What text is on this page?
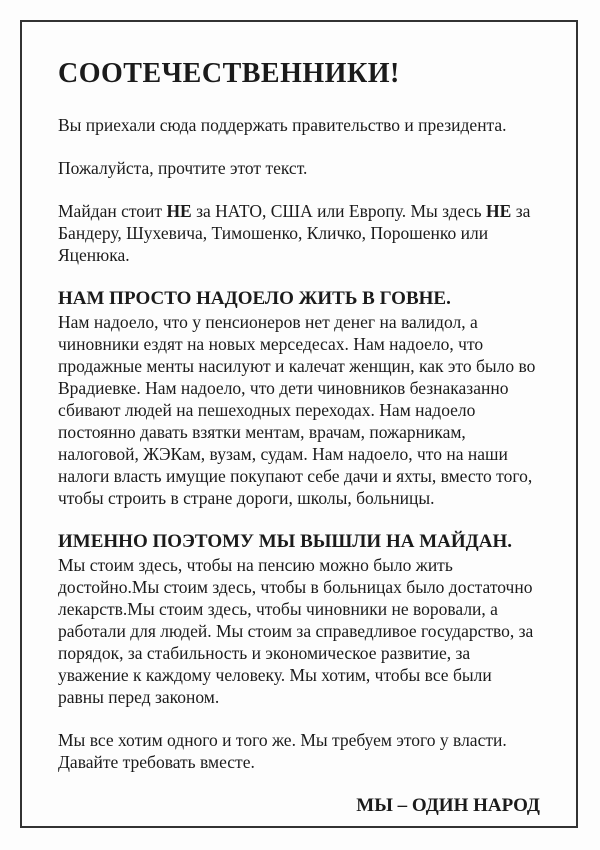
СООТЕЧЕСТВЕННИКИ!

Вы приехали сюда поддержать правительство и президента.

Пожалуйста, прочтите этот текст.

Майдан стоит НЕ за НАТО, США или Европу. Мы здесь НЕ за Бандеру, Шухевича, Тимошенко, Кличко, Порошенко или Яценюка.

НАМ ПРОСТО НАДОЕЛО ЖИТЬ В ГОВНЕ.

Нам надоело, что у пенсионеров нет денег на валидол, а чиновники ездят на новых мерседесах. Нам надоело, что продажные менты насилуют и калечат женщин, как это было во Врадиевке. Нам надоело, что дети чиновников безнаказанно сбивают людей на пешеходных переходах. Нам надоело постоянно давать взятки ментам, врачам, пожарникам, налоговой, ЖЭКам, вузам, судам. Нам надоело, что на наши налоги власть имущие покупают себе дачи и яхты, вместо того, чтобы строить в стране дороги, школы, больницы.

ИМЕННО ПОЭТОМУ МЫ ВЫШЛИ НА МАЙДАН.

Мы стоим здесь, чтобы на пенсию можно было жить достойно.Мы стоим здесь, чтобы в больницах было достаточно лекарств.Мы стоим здесь, чтобы чиновники не воровали, а работали для людей. Мы стоим за справедливое государство, за порядок, за стабильность и экономическое развитие, за уважение к каждому человеку. Мы хотим, чтобы все были равны перед законом.

Мы все хотим одного и того же. Мы требуем этого у власти. Давайте требовать вместе.

МЫ – ОДИН НАРОД
